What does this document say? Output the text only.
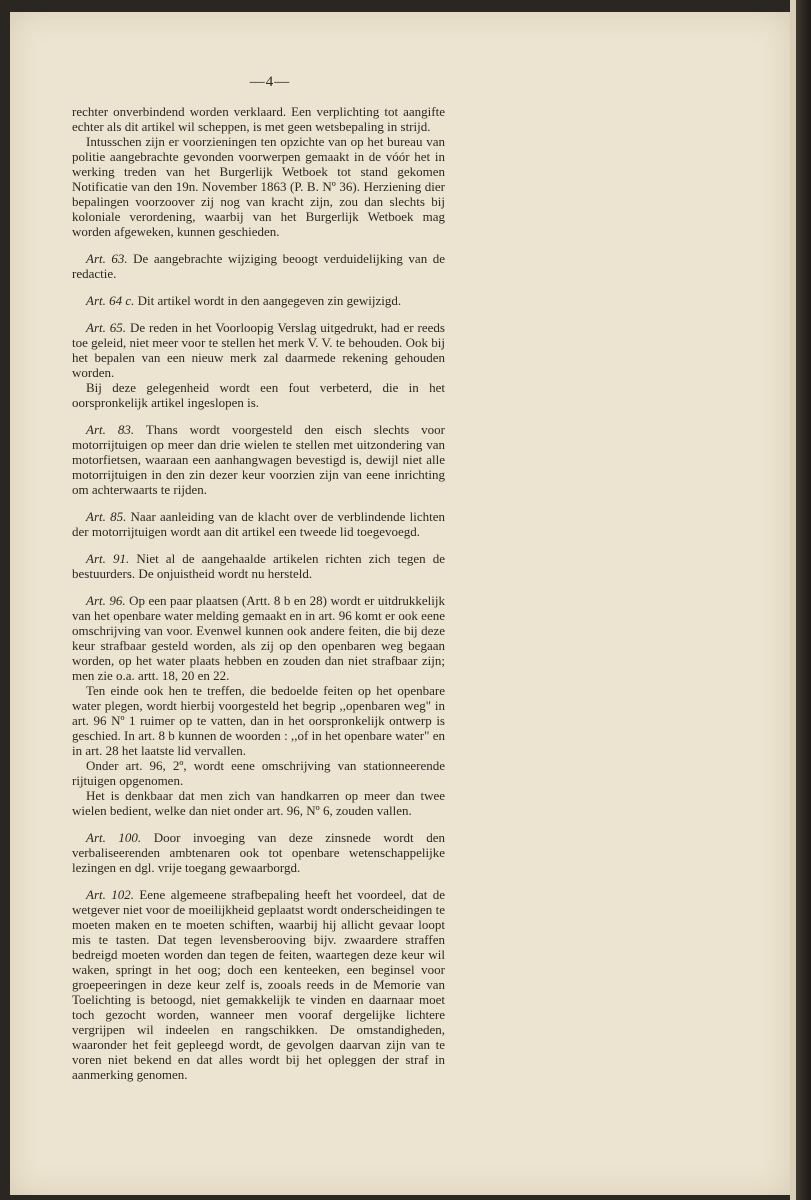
—4—

rechter onverbindend worden verklaard. Een verplichting tot aangifte echter als dit artikel wil scheppen, is met geen wetsbepaling in strijd.

Intusschen zijn er voorzieningen ten opzichte van op het bureau van politie aangebrachte gevonden voorwerpen gemaakt in de vóór het in werking treden van het Burgerlijk Wetboek tot stand gekomen Notificatie van den 19n. November 1863 (P. B. Nº 36). Herziening dier bepalingen voorzoover zij nog van kracht zijn, zou dan slechts bij koloniale verordening, waarbij van het Burgerlijk Wetboek mag worden afgeweken, kunnen geschieden.

Art. 63. De aangebrachte wijziging beoogt verduidelijking van de redactie.

Art. 64 c. Dit artikel wordt in den aangegeven zin gewijzigd.

Art. 65. De reden in het Voorloopig Verslag uitgedrukt, had er reeds toe geleid, niet meer voor te stellen het merk V. V. te behouden. Ook bij het bepalen van een nieuw merk zal daarmede rekening gehouden worden.

Bij deze gelegenheid wordt een fout verbeterd, die in het oorspronkelijk artikel ingeslopen is.

Art. 83. Thans wordt voorgesteld den eisch slechts voor motorrijtuigen op meer dan drie wielen te stellen met uitzondering van motorfietsen, waaraan een aanhangwagen bevestigd is, dewijl niet alle motorrijtuigen in den zin dezer keur voorzien zijn van eene inrichting om achterwaarts te rijden.

Art. 85. Naar aanleiding van de klacht over de verblindende lichten der motorrijtuigen wordt aan dit artikel een tweede lid toegevoegd.

Art. 91. Niet al de aangehaalde artikelen richten zich tegen de bestuurders. De onjuistheid wordt nu hersteld.

Art. 96. Op een paar plaatsen (Artt. 8 b en 28) wordt er uitdrukkelijk van het openbare water melding gemaakt en in art. 96 komt er ook eene omschrijving van voor. Evenwel kunnen ook andere feiten, die bij deze keur strafbaar gesteld worden, als zij op den openbaren weg begaan worden, op het water plaats hebben en zouden dan niet strafbaar zijn; men zie o.a. artt. 18, 20 en 22.

Ten einde ook hen te treffen, die bedoelde feiten op het openbare water plegen, wordt hierbij voorgesteld het begrip ,,openbaren weg" in art. 96 Nº 1 ruimer op te vatten, dan in het oorspronkelijk ontwerp is geschied. In art. 8 b kunnen de woorden : ,,of in het openbare water" en in art. 28 het laatste lid vervallen.

Onder art. 96, 2º, wordt eene omschrijving van stationneerende rijtuigen opgenomen.

Het is denkbaar dat men zich van handkarren op meer dan twee wielen bedient, welke dan niet onder art. 96, Nº 6, zouden vallen.

Art. 100. Door invoeging van deze zinsnede wordt den verbaliseerenden ambtenaren ook tot openbare wetenschappelijke lezingen en dgl. vrije toegang gewaarborgd.

Art. 102. Eene algemeene strafbepaling heeft het voordeel, dat de wetgever niet voor de moeilijkheid geplaatst wordt onderscheidingen te moeten maken en te moeten schiften, waarbij hij allicht gevaar loopt mis te tasten. Dat tegen levensberooving bijv. zwaardere straffen bedreigd moeten worden dan tegen de feiten, waartegen deze keur wil waken, springt in het oog; doch een kenteeken, een beginsel voor groepeeringen in deze keur zelf is, zooals reeds in de Memorie van Toelichting is betoogd, niet gemakkelijk te vinden en daarnaar moet toch gezocht worden, wanneer men vooraf dergelijke lichtere vergrijpen wil indeelen en rangschikken. De omstandigheden, waaronder het feit gepleegd wordt, de gevolgen daarvan zijn van te voren niet bekend en dat alles wordt bij het opleggen der straf in aanmerking genomen.
